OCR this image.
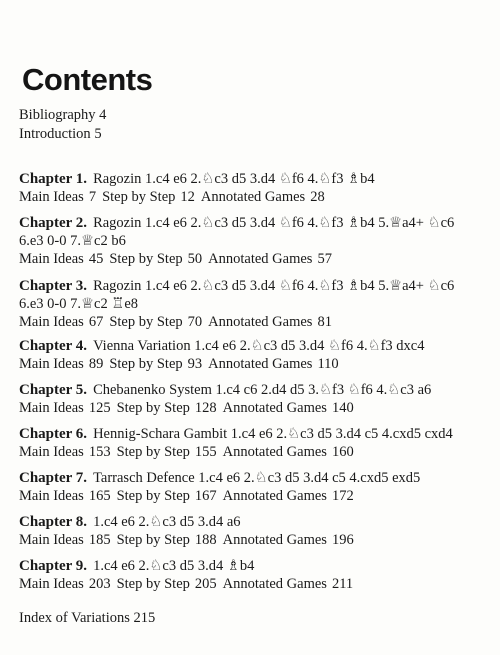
Contents
Bibliography 4
Introduction 5
Chapter 1. Ragozin 1.c4 e6 2.♘c3 d5 3.d4 ♘f6 4.♘f3 ♗b4
Main Ideas 7 Step by Step 12 Annotated Games 28
Chapter 2. Ragozin 1.c4 e6 2.♘c3 d5 3.d4 ♘f6 4.♘f3 ♗b4 5.♕a4+ ♘c6
6.e3 0-0 7.♕c2 b6
Main Ideas 45 Step by Step 50 Annotated Games 57
Chapter 3. Ragozin 1.c4 e6 2.♘c3 d5 3.d4 ♘f6 4.♘f3 ♗b4 5.♕a4+ ♘c6
6.e3 0-0 7.♕c2 ♖e8
Main Ideas 67 Step by Step 70 Annotated Games 81
Chapter 4. Vienna Variation 1.c4 e6 2.♘c3 d5 3.d4 ♘f6 4.♘f3 dxc4
Main Ideas 89 Step by Step 93 Annotated Games 110
Chapter 5. Chebanenko System 1.c4 c6 2.d4 d5 3.♘f3 ♘f6 4.♘c3 a6
Main Ideas 125 Step by Step 128 Annotated Games 140
Chapter 6. Hennig-Schara Gambit 1.c4 e6 2.♘c3 d5 3.d4 c5 4.cxd5 cxd4
Main Ideas 153 Step by Step 155 Annotated Games 160
Chapter 7. Tarrasch Defence 1.c4 e6 2.♘c3 d5 3.d4 c5 4.cxd5 exd5
Main Ideas 165 Step by Step 167 Annotated Games 172
Chapter 8. 1.c4 e6 2.♘c3 d5 3.d4 a6
Main Ideas 185 Step by Step 188 Annotated Games 196
Chapter 9. 1.c4 e6 2.♘c3 d5 3.d4 ♗b4
Main Ideas 203 Step by Step 205 Annotated Games 211
Index of Variations 215
